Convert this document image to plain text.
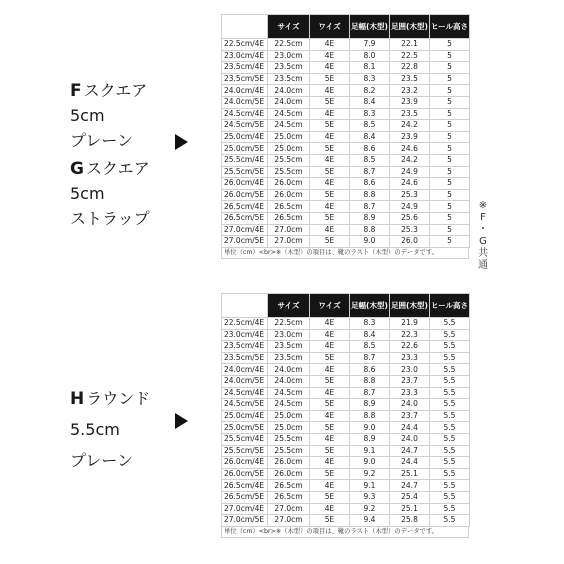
F スクエア
5cm
プレーン
G スクエア
5cm
ストラップ
	サイズ	ワイズ	足幅(木型)	足囲(木型)	ヒール高さ
22.5cm/4E	22.5cm	4E	7.9	22.1	5
23.0cm/4E	23.0cm	4E	8.0	22.5	5
23.5cm/4E	23.5cm	4E	8.1	22.8	5
23.5cm/5E	23.5cm	5E	8.3	23.5	5
24.0cm/4E	24.0cm	4E	8.2	23.2	5
24.0cm/5E	24.0cm	5E	8.4	23.9	5
24.5cm/4E	24.5cm	4E	8.3	23.5	5
24.5cm/5E	24.5cm	5E	8.5	24.2	5
25.0cm/4E	25.0cm	4E	8.4	23.9	5
25.0cm/5E	25.0cm	5E	8.6	24.6	5
25.5cm/4E	25.5cm	4E	8.5	24.2	5
25.5cm/5E	25.5cm	5E	8.7	24.9	5
26.0cm/4E	26.0cm	4E	8.6	24.6	5
26.0cm/5E	26.0cm	5E	8.8	25.3	5
26.5cm/4E	26.5cm	4E	8.7	24.9	5
26.5cm/5E	26.5cm	5E	8.9	25.6	5
27.0cm/4E	27.0cm	4E	8.8	25.3	5
27.0cm/5E	27.0cm	5E	9.0	26.0	5
単位（cm）<br>※（木型）の項目は、靴のラスト（木型）のデータです。
※
F
・
G
共
通
H ラウンド
5.5cm
プレーン
	サイズ	ワイズ	足幅(木型)	足囲(木型)	ヒール高さ
22.5cm/4E	22.5cm	4E	8.3	21.9	5.5
23.0cm/4E	23.0cm	4E	8.4	22.3	5.5
23.5cm/4E	23.5cm	4E	8.5	22.6	5.5
23.5cm/5E	23.5cm	5E	8.7	23.3	5.5
24.0cm/4E	24.0cm	4E	8.6	23.0	5.5
24.0cm/5E	24.0cm	5E	8.8	23.7	5.5
24.5cm/4E	24.5cm	4E	8.7	23.3	5.5
24.5cm/5E	24.5cm	5E	8.9	24.0	5.5
25.0cm/4E	25.0cm	4E	8.8	23.7	5.5
25.0cm/5E	25.0cm	5E	9.0	24.4	5.5
25.5cm/4E	25.5cm	4E	8.9	24.0	5.5
25.5cm/5E	25.5cm	5E	9.1	24.7	5.5
26.0cm/4E	26.0cm	4E	9.0	24.4	5.5
26.0cm/5E	26.0cm	5E	9.2	25.1	5.5
26.5cm/4E	26.5cm	4E	9.1	24.7	5.5
26.5cm/5E	26.5cm	5E	9.3	25.4	5.5
27.0cm/4E	27.0cm	4E	9.2	25.1	5.5
27.0cm/5E	27.0cm	5E	9.4	25.8	5.5
単位（cm）<br>※（木型）の項目は、靴のラスト（木型）のデータです。
